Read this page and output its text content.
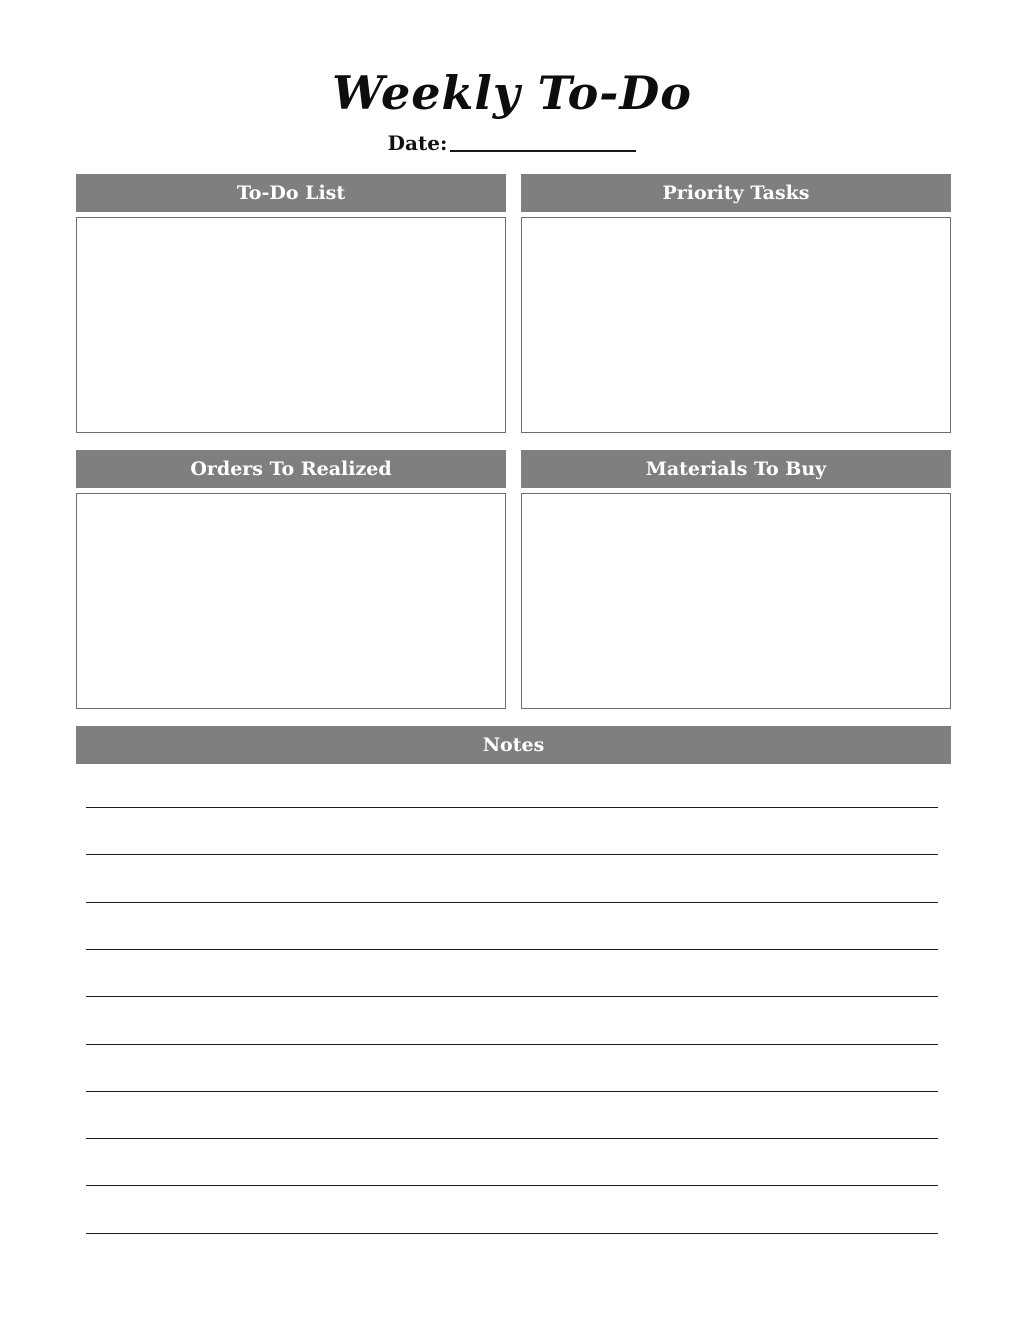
Weekly To-Do
Date:
To-Do List	Priority Tasks
Orders To Realized	Materials To Buy
Notes
